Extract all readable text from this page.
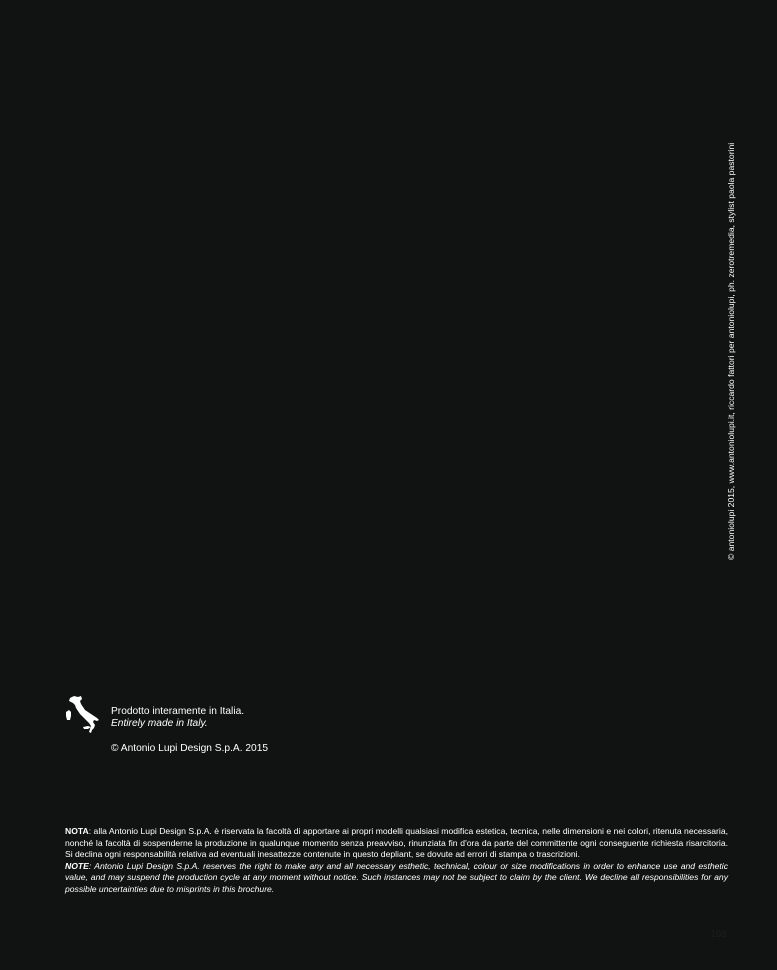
© antoniolupi 2015, www.antoniolupi.it, riccardo fattori per antoniolupi, ph. zerotremedia, stylist paola pastorini
Prodotto interamente in Italia.
Entirely made in Italy.
© Antonio Lupi Design S.p.A. 2015

NOTA: alla Antonio Lupi Design S.p.A. è riservata la facoltà di apportare ai propri modelli qualsiasi modifica estetica, tecnica, nelle dimensioni e nei colori, ritenuta necessaria, nonché la facoltà di sospenderne la produzione in qualunque momento senza preavviso, rinunziata fin d'ora da parte del committente ogni conseguente richiesta risarcitoria. Si declina ogni responsabilità relativa ad eventuali inesattezze contenute in questo depliant, se dovute ad errori di stampa o trascrizioni.

NOTE: Antonio Lupi Design S.p.A. reserves the right to make any and all necessary esthetic, technical, colour or size modifications in order to enhance use and esthetic value, and may suspend the production cycle at any moment without notice. Such instances may not be subject to claim by the client. We decline all responsibilities for any possible uncertainties due to misprints in this brochure.

103
